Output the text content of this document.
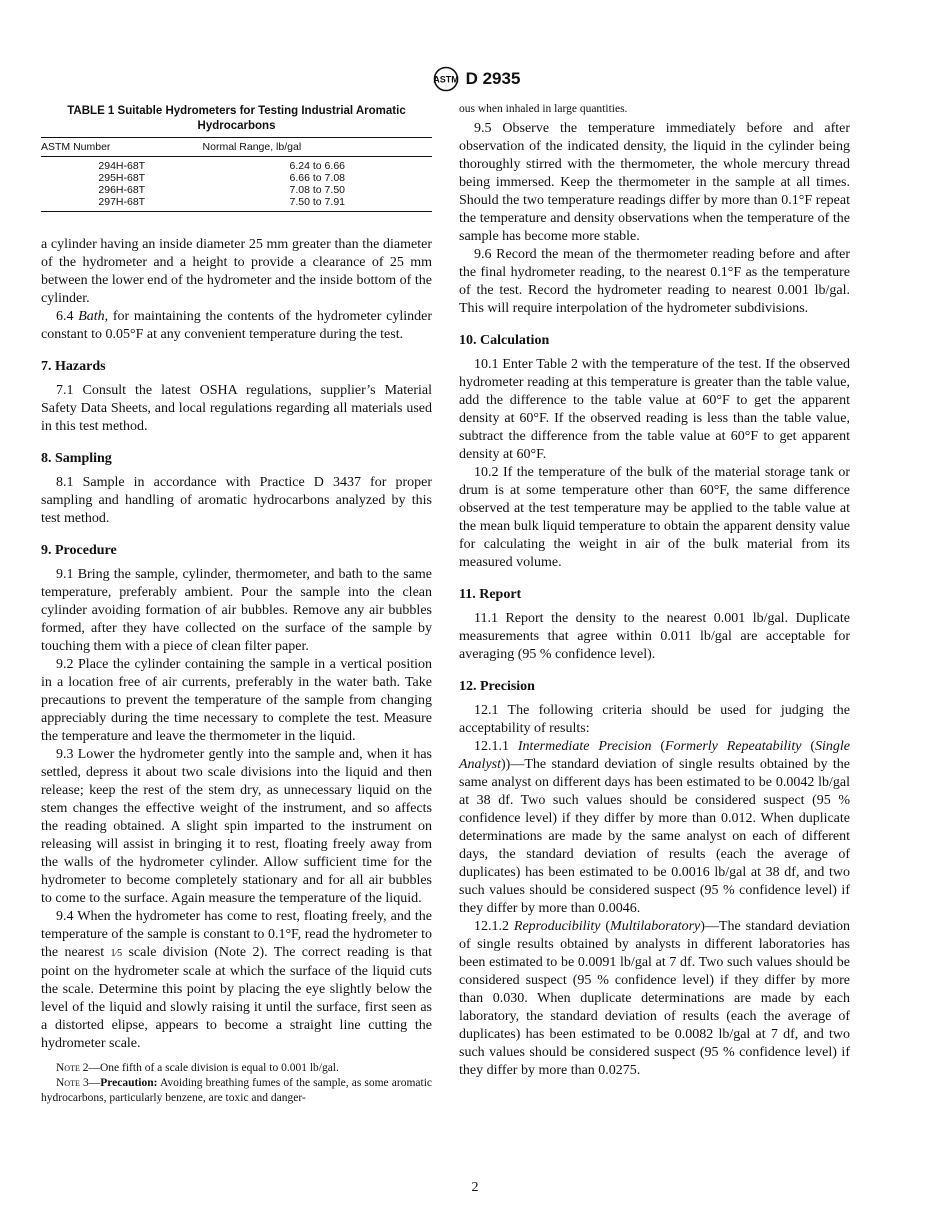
ASTM D 2935
TABLE 1 Suitable Hydrometers for Testing Industrial Aromatic Hydrocarbons
ASTM Number	Normal Range, lb/gal
294H-68T	6.24 to 6.66
295H-68T	6.66 to 7.08
296H-68T	7.08 to 7.50
297H-68T	7.50 to 7.91

a cylinder having an inside diameter 25 mm greater than the diameter of the hydrometer and a height to provide a clearance of 25 mm between the lower end of the hydrometer and the inside bottom of the cylinder.

6.4 Bath, for maintaining the contents of the hydrometer cylinder constant to 0.05°F at any convenient temperature during the test.

7. Hazards

7.1 Consult the latest OSHA regulations, supplier’s Material Safety Data Sheets, and local regulations regarding all materials used in this test method.

8. Sampling

8.1 Sample in accordance with Practice D 3437 for proper sampling and handling of aromatic hydrocarbons analyzed by this test method.

9. Procedure

9.1 Bring the sample, cylinder, thermometer, and bath to the same temperature, preferably ambient. Pour the sample into the clean cylinder avoiding formation of air bubbles. Remove any air bubbles formed, after they have collected on the surface of the sample by touching them with a piece of clean filter paper.

9.2 Place the cylinder containing the sample in a vertical position in a location free of air currents, preferably in the water bath. Take precautions to prevent the temperature of the sample from changing appreciably during the time necessary to complete the test. Measure the temperature and leave the thermometer in the liquid.

9.3 Lower the hydrometer gently into the sample and, when it has settled, depress it about two scale divisions into the liquid and then release; keep the rest of the stem dry, as unnecessary liquid on the stem changes the effective weight of the instrument, and so affects the reading obtained. A slight spin imparted to the instrument on releasing will assist in bringing it to rest, floating freely away from the walls of the hydrometer cylinder. Allow sufficient time for the hydrometer to become completely stationary and for all air bubbles to come to the surface. Again measure the temperature of the liquid.

9.4 When the hydrometer has come to rest, floating freely, and the temperature of the sample is constant to 0.1°F, read the hydrometer to the nearest 1⁄5 scale division (Note 2). The correct reading is that point on the hydrometer scale at which the surface of the liquid cuts the scale. Determine this point by placing the eye slightly below the level of the liquid and slowly raising it until the surface, first seen as a distorted elipse, appears to become a straight line cutting the hydrometer scale.

Note 2—One fifth of a scale division is equal to 0.001 lb/gal.

Note 3—Precaution: Avoiding breathing fumes of the sample, as some aromatic hydrocarbons, particularly benzene, are toxic and danger-

ous when inhaled in large quantities.

9.5 Observe the temperature immediately before and after observation of the indicated density, the liquid in the cylinder being thoroughly stirred with the thermometer, the whole mercury thread being immersed. Keep the thermometer in the sample at all times. Should the two temperature readings differ by more than 0.1°F repeat the temperature and density observations when the temperature of the sample has become more stable.

9.6 Record the mean of the thermometer reading before and after the final hydrometer reading, to the nearest 0.1°F as the temperature of the test. Record the hydrometer reading to nearest 0.001 lb/gal. This will require interpolation of the hydrometer subdivisions.

10. Calculation

10.1 Enter Table 2 with the temperature of the test. If the observed hydrometer reading at this temperature is greater than the table value, add the difference to the table value at 60°F to get the apparent density at 60°F. If the observed reading is less than the table value, subtract the difference from the table value at 60°F to get apparent density at 60°F.

10.2 If the temperature of the bulk of the material storage tank or drum is at some temperature other than 60°F, the same difference observed at the test temperature may be applied to the table value at the mean bulk liquid temperature to obtain the apparent density value for calculating the weight in air of the bulk material from its measured volume.

11. Report

11.1 Report the density to the nearest 0.001 lb/gal. Duplicate measurements that agree within 0.011 lb/gal are acceptable for averaging (95 % confidence level).

12. Precision

12.1 The following criteria should be used for judging the acceptability of results:

12.1.1 Intermediate Precision (Formerly Repeatability (Single Analyst))—The standard deviation of single results obtained by the same analyst on different days has been estimated to be 0.0042 lb/gal at 38 df. Two such values should be considered suspect (95 % confidence level) if they differ by more than 0.012. When duplicate determinations are made by the same analyst on each of different days, the standard deviation of results (each the average of duplicates) has been estimated to be 0.0016 lb/gal at 38 df, and two such values should be considered suspect (95 % confidence level) if they differ by more than 0.0046.

12.1.2 Reproducibility (Multilaboratory)—The standard deviation of single results obtained by analysts in different laboratories has been estimated to be 0.0091 lb/gal at 7 df. Two such values should be considered suspect (95 % confidence level) if they differ by more than 0.030. When duplicate determinations are made by each laboratory, the standard deviation of results (each the average of duplicates) has been estimated to be 0.0082 lb/gal at 7 df, and two such values should be considered suspect (95 % confidence level) if they differ by more than 0.0275.

2
